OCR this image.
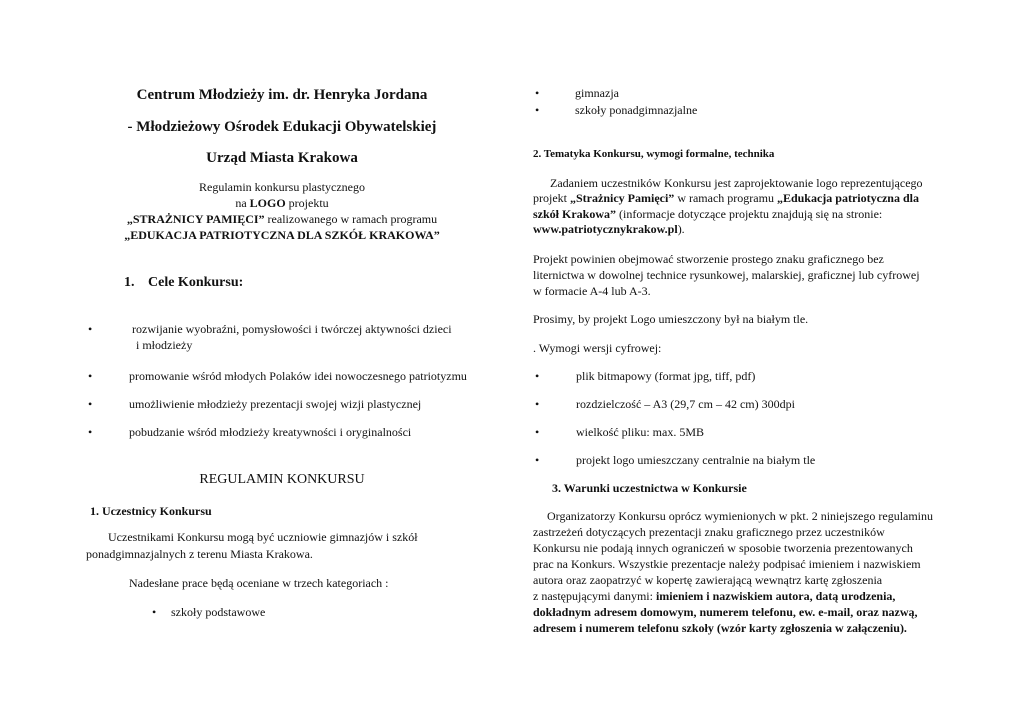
Centrum Młodzieży im. dr. Henryka Jordana
- Młodzieżowy Ośrodek Edukacji Obywatelskiej
Urząd Miasta Krakowa
Regulamin konkursu plastycznego
na LOGO projektu
„STRAŻNICY PAMIĘCI” realizowanego w ramach programu
„EDUKACJA PATRIOTYCZNA DLA SZKÓŁ KRAKOWA”
1. Cele Konkursu:
•	rozwijanie wyobraźni, pomysłowości i twórczej aktywności dzieci
i młodzieży
•	promowanie wśród młodych Polaków idei nowoczesnego patriotyzmu
•	umożliwienie młodzieży prezentacji swojej wizji plastycznej
•	pobudzanie wśród młodzieży kreatywności i oryginalności
REGULAMIN KONKURSU
1. Uczestnicy Konkursu
Uczestnikami Konkursu mogą być uczniowie gimnazjów i szkół
ponadgimnazjalnych z terenu Miasta Krakowa.
Nadesłane prace będą oceniane w trzech kategoriach :
• szkoły podstawowe
•	gimnazja
•	szkoły ponadgimnazjalne
2. Tematyka Konkursu, wymogi formalne, technika
Zadaniem uczestników Konkursu jest zaprojektowanie logo reprezentującego
projekt „Strażnicy Pamięci” w ramach programu „Edukacja patriotyczna dla
szkół Krakowa” (informacje dotyczące projektu znajdują się na stronie:
www.patriotycznykrakow.pl).
Projekt powinien obejmować stworzenie prostego znaku graficznego bez
liternictwa w dowolnej technice rysunkowej, malarskiej, graficznej lub cyfrowej
w formacie A-4 lub A-3.
Prosimy, by projekt Logo umieszczony był na białym tle.
. Wymogi wersji cyfrowej:
•	plik bitmapowy (format jpg, tiff, pdf)
•	rozdzielczość – A3 (29,7 cm – 42 cm) 300dpi
•	wielkość pliku: max. 5MB
•	projekt logo umieszczany centralnie na białym tle
3. Warunki uczestnictwa w Konkursie
Organizatorzy Konkursu oprócz wymienionych w pkt. 2 niniejszego regulaminu
zastrzeżeń dotyczących prezentacji znaku graficznego przez uczestników
Konkursu nie podają innych ograniczeń w sposobie tworzenia prezentowanych
prac na Konkurs. Wszystkie prezentacje należy podpisać imieniem i nazwiskiem
autora oraz zaopatrzyć w kopertę zawierającą wewnątrz kartę zgłoszenia
z następującymi danymi: imieniem i nazwiskiem autora, datą urodzenia,
dokładnym adresem domowym, numerem telefonu, ew. e-mail, oraz nazwą,
adresem i numerem telefonu szkoły (wzór karty zgłoszenia w załączeniu).
